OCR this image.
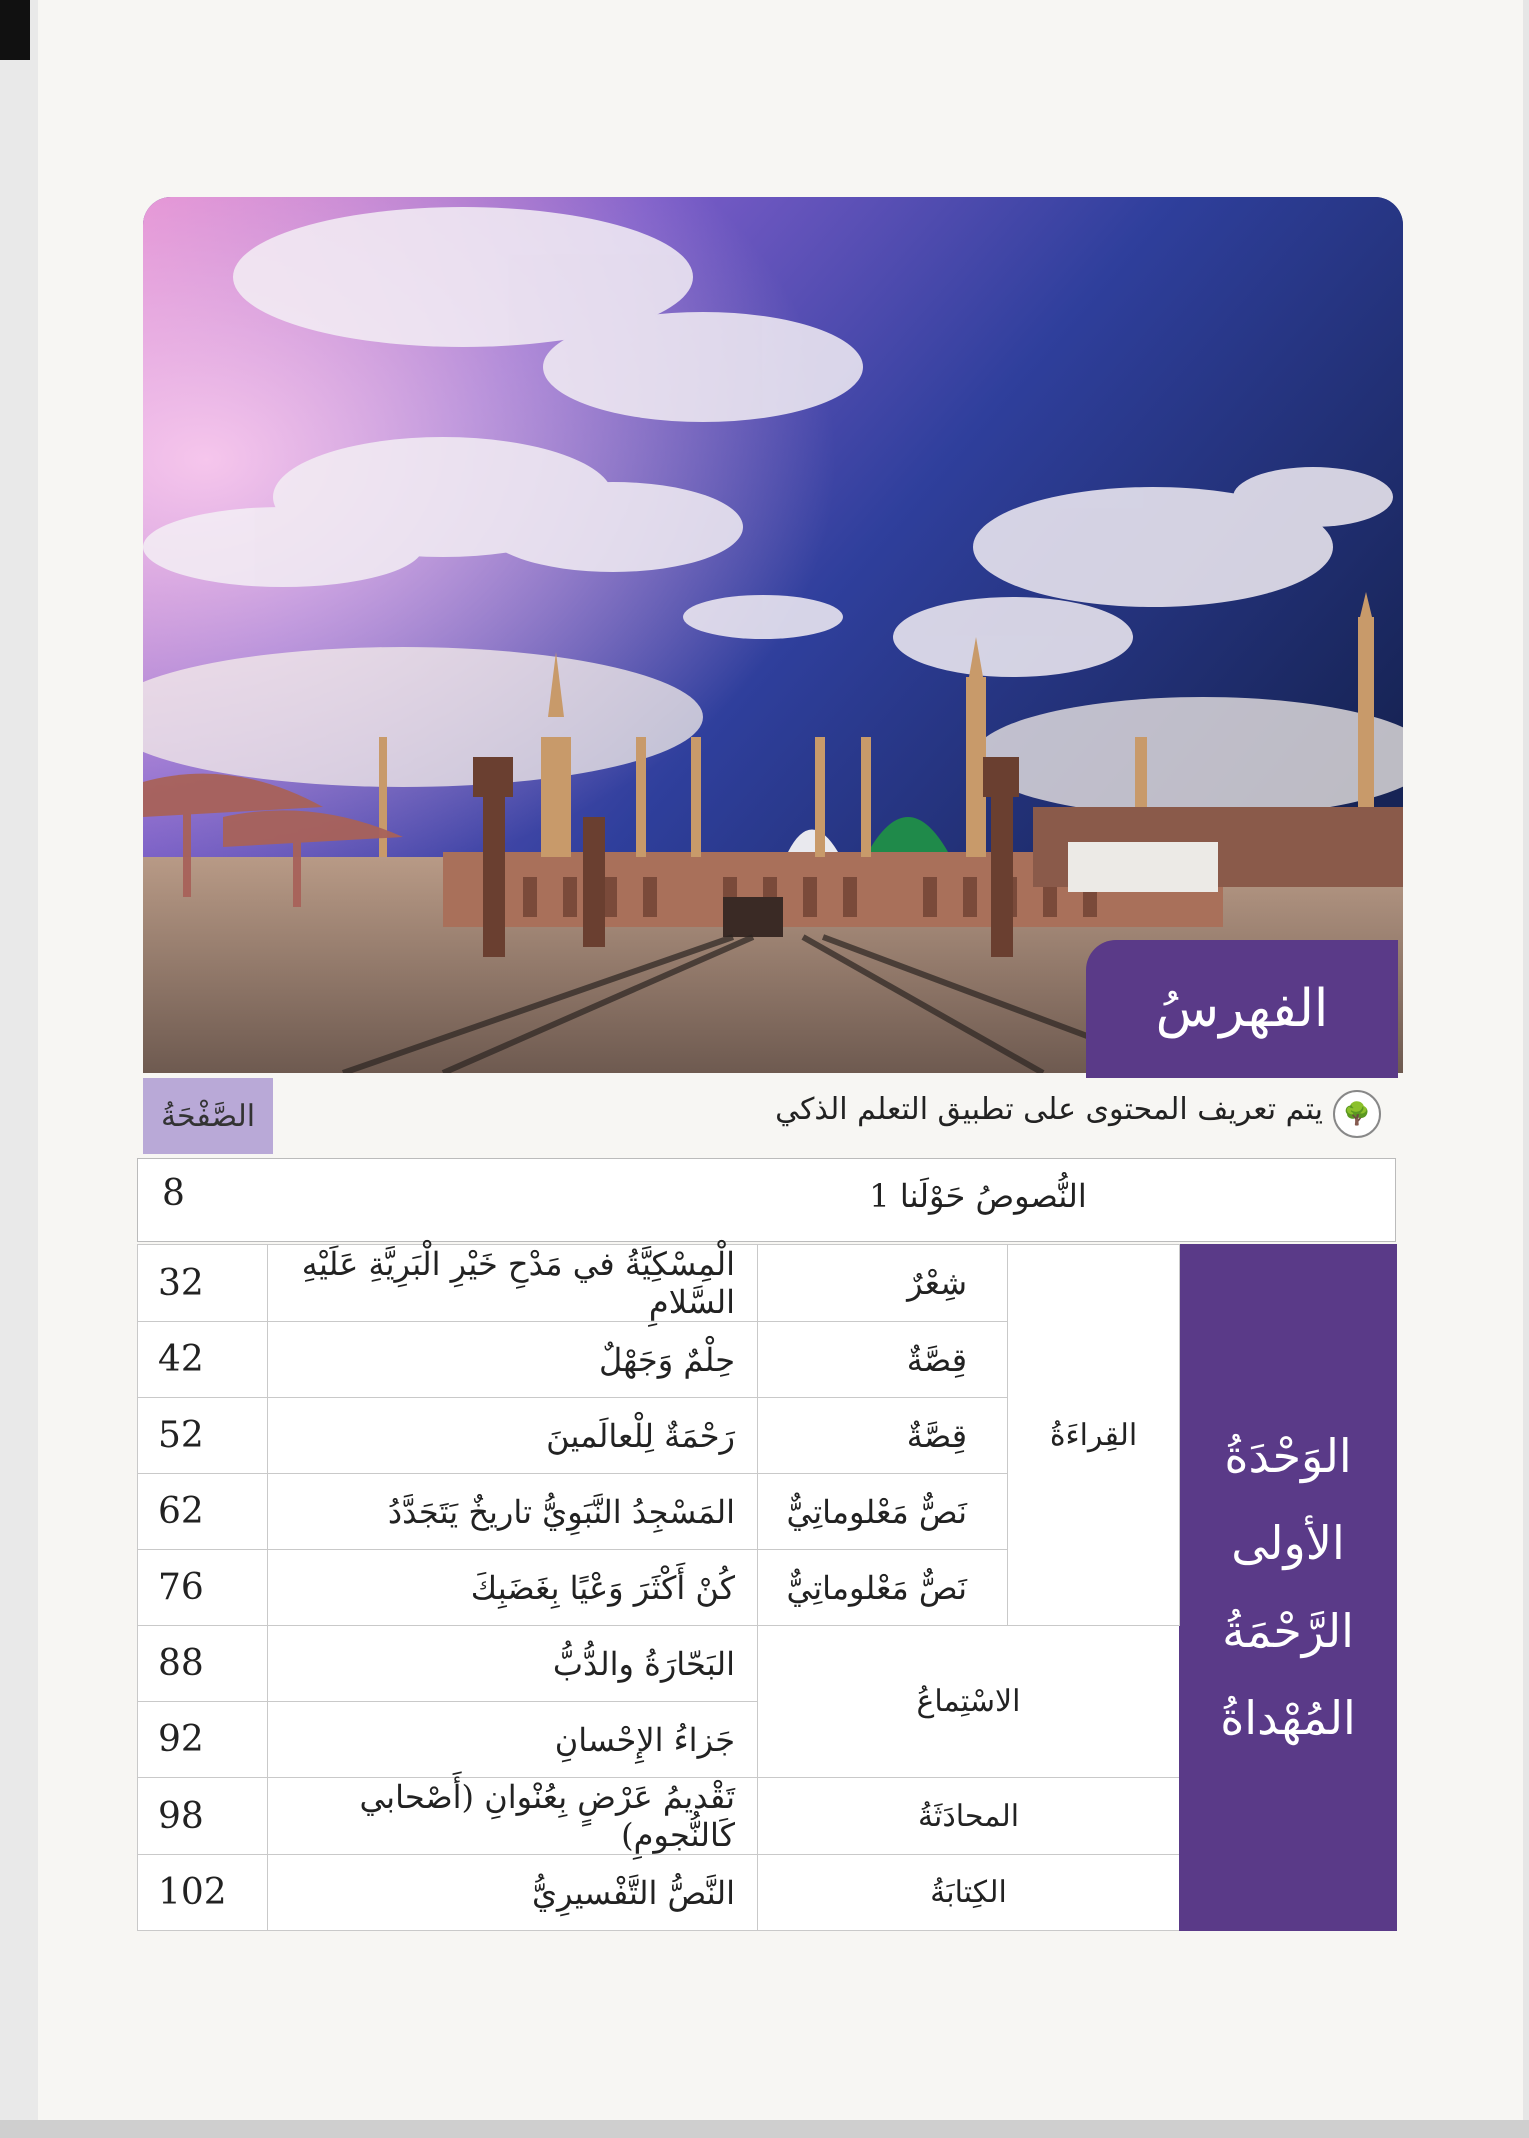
الفهرسُ
الصَّفْحَةُ	يتم تعريف المحتوى على تطبيق التعلم الذكي 🌳
8	النُّصوصُ حَوْلَنا 1
32	الْمِسْكِيَّةُ في مَدْحِ خَيْرِ الْبَرِيَّةِ عَلَيْهِ السَّلامِ	شِعْرٌ	القِراءَةُ	الوَحْدَةُ
الأولى
الرَّحْمَةُ
المُهْداةُ

42	حِلْمٌ وَجَهْلٌ	قِصَّةٌ		
52	رَحْمَةٌ لِلْعالَمينَ	قِصَّةٌ		
62	المَسْجِدُ النَّبَوِيُّ تاريخٌ يَتَجَدَّدُ	نَصٌّ مَعْلوماتِيٌّ		
76	كُنْ أَكْثَرَ وَعْيًا بِغَضَبِكَ	نَصٌّ مَعْلوماتِيٌّ		
88	البَحّارَةُ والدُّبُّ	الاسْتِماعُ		
92	جَزاءُ الإِحْسانِ			
98	تَقْديمُ عَرْضٍ بِعُنْوانِ (أَصْحابي كَالنُّجومِ)	المحادَثَةُ		
102	النَّصُّ التَّفْسيرِيُّ	الكِتابَةُ		
